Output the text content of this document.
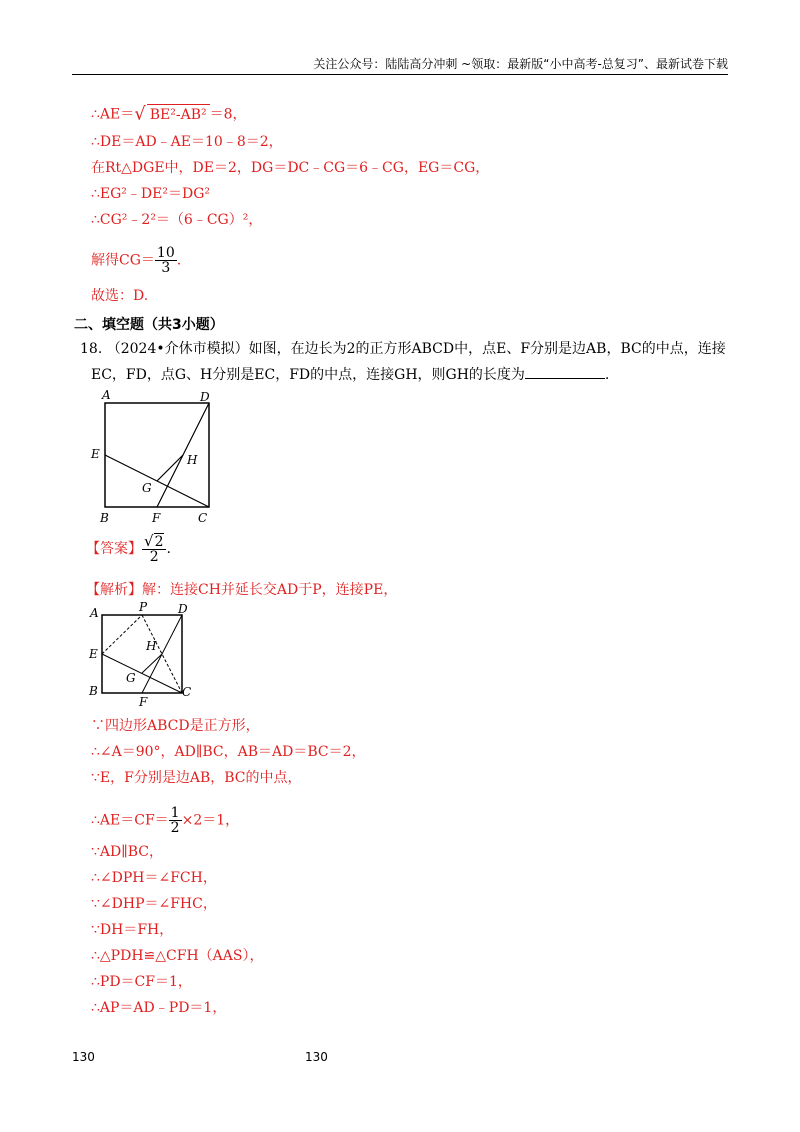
关注公众号：陆陆高分冲刺 ~领取：最新版“小中高考-总复习”、最新试卷下载
∴AE＝√ BE²-AB² ＝8，
∴DE＝AD﹣AE＝10﹣8＝2，
在Rt△DGE中，DE＝2，DG＝DC﹣CG＝6﹣CG，EG＝CG，
∴EG²﹣DE²＝DG²
∴CG²﹣2²＝（6﹣CG）²，
解得$CG= \frac{10}{3}$ .
故选：D.
二、填空题（共3小题）
18. （2024•介休市模拟）如图，在边长为2的正方形ABCD中，点E、F分别是边AB，BC的中点，连接
EC，FD，点G、H分别是EC，FD的中点，连接GH，则GH的长度为	.
A	D
E	H
G
B	F	C
【答案】 $\frac{√2}{2}$ .
【解析】解：连接CH并延长交AD于P，连接PE，
A	P	D
E
H
G
B
F
C
∵四边形ABCD是正方形，
∴∠A＝90°，AD∥BC，AB＝AD＝BC＝2，
∵E，F分别是边AB，BC的中点，
∴AE＝CF＝ $\frac{1}{2} \times 2=1$，
∵AD∥BC，
∴∠DPH＝∠FCH，
∵∠DHP＝∠FHC，
∵DH＝FH，
∴△PDH≌△CFH（AAS），
∴PD＝CF＝1，
∴AP＝AD﹣PD＝1，
130	130
